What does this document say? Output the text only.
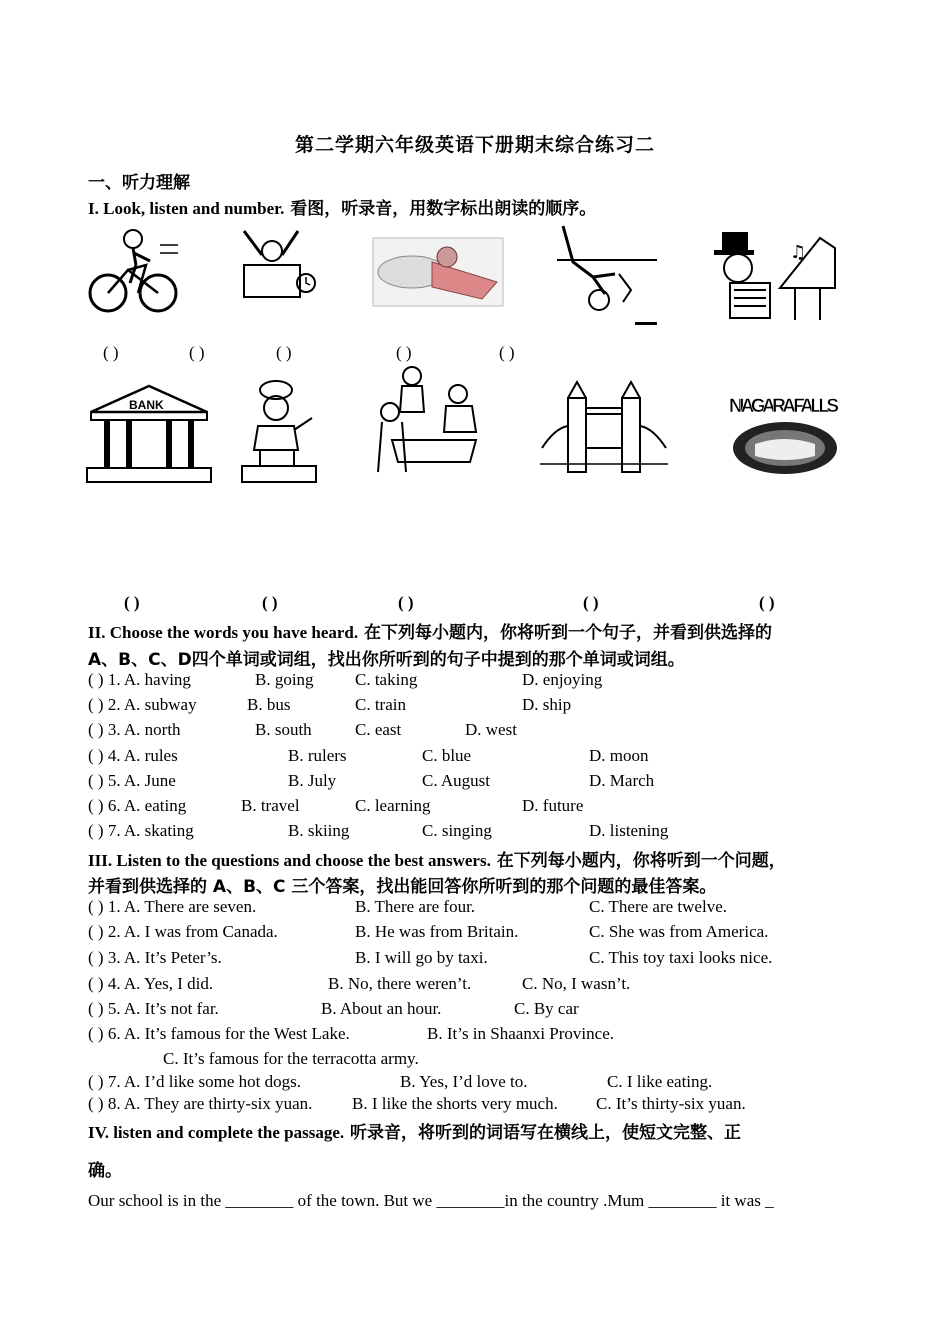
第二学期六年级英语下册期末综合练习二
一、听力理解
I. Look, listen and number. 看图，听录音，用数字标出朗读的顺序。
♫
( )	( )	( )	( )	( )
BANK	NIAGARA FALLS
( )	( )	( )	( )	( )
II. Choose the words you have heard. 在下列每小题内，你将听到一个句子，并看到供选择的
A、B、C、D四个单词或词组，找出你所听到的句子中提到的那个单词或词组。
( ) 1. A. having	B. going C. taking	D. enjoying
( ) 2. A. subway	B. bus	C. train	D. ship
( ) 3. A. north	B. south	C. east	D. west
( ) 4. A. rules	B. rulers	C. blue	D. moon
( ) 5. A. June	B. July	C. August	D. March
( ) 6. A. eating	B. travel	C. learning	D. future
( ) 7. A. skating	B. skiing	C. singing	D. listening
III. Listen to the questions and choose the best answers. 在下列每小题内，你将听到一个问题，
并看到供选择的 A、B、C 三个答案，找出能回答你所听到的那个问题的最佳答案。
( ) 1. A. There are seven.	B. There are four.	C. There are twelve.
( ) 2. A. I was from Canada.	B. He was from Britain.	C. She was from America.
( ) 3. A. It’s Peter’s.	B. I will go by taxi.	C. This toy taxi looks nice.
( ) 4. A. Yes, I did.	B. No, there weren’t.	C. No, I wasn’t.
( ) 5. A. It’s not far.	B. About an hour.	C. By car
( ) 6. A. It’s famous for the West Lake.	B. It’s in Shaanxi Province.
C. It’s famous for the terracotta army.
( ) 7. A. I’d like some hot dogs.	B. Yes, I’d love to.	C. I like eating.
( ) 8. A. They are thirty-six yuan. B. I like the shorts very much. C. It’s thirty-six yuan.
IV. listen and complete the passage. 听录音，将听到的词语写在横线上，使短文完整、正
确。
Our school is in the ________ of the town. But we ________in the country .Mum ________ it was _
